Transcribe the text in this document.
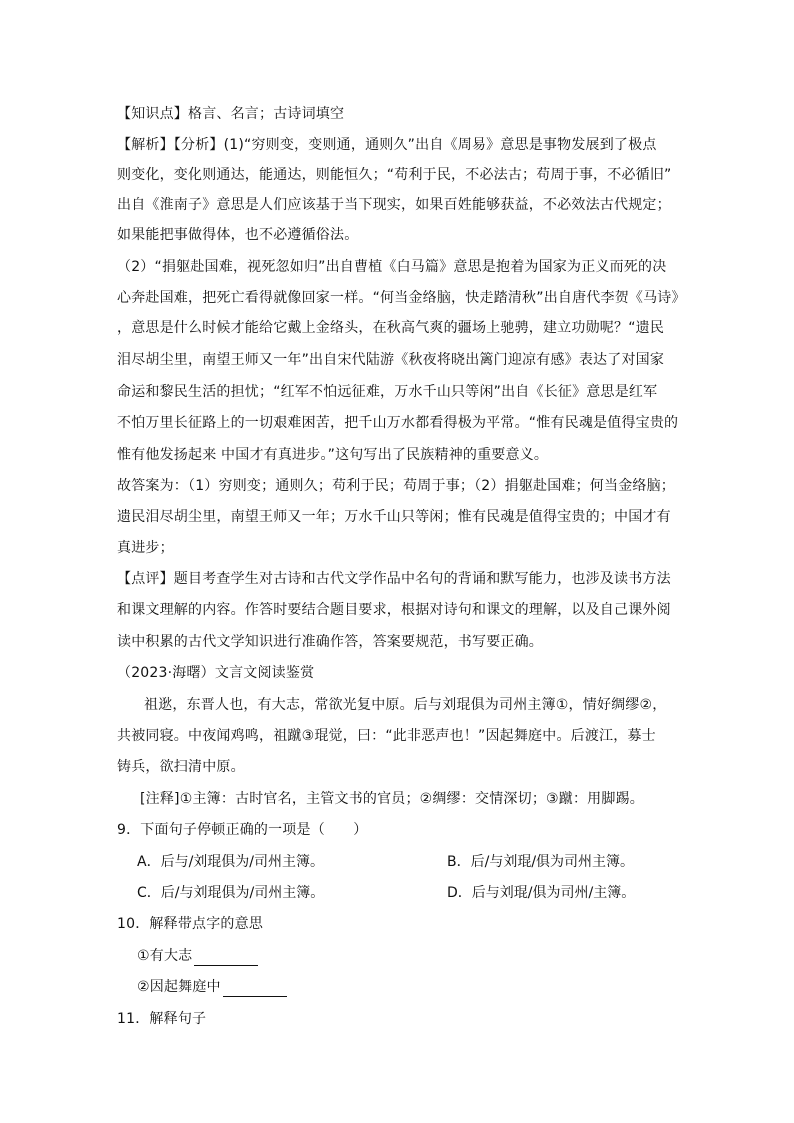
【知识点】格言、名言；古诗词填空
【解析】【分析】(1)“穷则变，变则通，通则久”出自《周易》意思是事物发展到了极点
则变化，变化则通达，能通达，则能恒久；“苟利于民，不必法古；苟周于事，不必循旧”
出自《淮南子》意思是人们应该基于当下现实，如果百姓能够获益，不必效法古代规定；
如果能把事做得体，也不必遵循俗法。
（2）“捐躯赴国难，视死忽如归”出自曹植《白马篇》意思是抱着为国家为正义而死的决
心奔赴国难，把死亡看得就像回家一样。“何当金络脑，快走踏清秋”出自唐代李贺《马诗》
，意思是什么时候才能给它戴上金络头，在秋高气爽的疆场上驰骋，建立功勋呢？“遗民
泪尽胡尘里，南望王师又一年”出自宋代陆游《秋夜将晓出篱门迎凉有感》表达了对国家
命运和黎民生活的担忧；“红军不怕远征难，万水千山只等闲”出自《长征》意思是红军
不怕万里长征路上的一切艰难困苦，把千山万水都看得极为平常。“惟有民魂是值得宝贵的
惟有他发扬起来 中国才有真进步。”这句写出了民族精神的重要意义。
故答案为：（1）穷则变；通则久；苟利于民；苟周于事；（2）捐躯赴国难；何当金络脑；
遗民泪尽胡尘里，南望王师又一年；万水千山只等闲；惟有民魂是值得宝贵的；中国才有
真进步；
【点评】题目考查学生对古诗和古代文学作品中名句的背诵和默写能力，也涉及读书方法
和课文理解的内容。作答时要结合题目要求，根据对诗句和课文的理解，以及自己课外阅
读中积累的古代文学知识进行准确作答，答案要规范，书写要正确。
（2023·海曙）文言文阅读鉴赏
祖逖，东晋人也，有大志，常欲光复中原。后与刘琨俱为司州主簿①，情好绸缪②，
共被同寝。中夜闻鸡鸣，祖蹴③琨觉，曰：“此非恶声也！”因起舞庭中。后渡江，募士
铸兵，欲扫清中原。
[注释]①主簿：古时官名，主管文书的官员；②绸缪：交情深切；③蹴：用脚踢。
9．下面句子停顿正确的一项是（　　）
A．后与/刘琨俱为/司州主簿。	B．后/与刘琨/俱为司州主簿。
C．后/与刘琨俱为/司州主簿。	D．后与刘琨/俱为司州/主簿。
10．解释带点字的意思
①有大志
②因起舞庭中
11．解释句子
